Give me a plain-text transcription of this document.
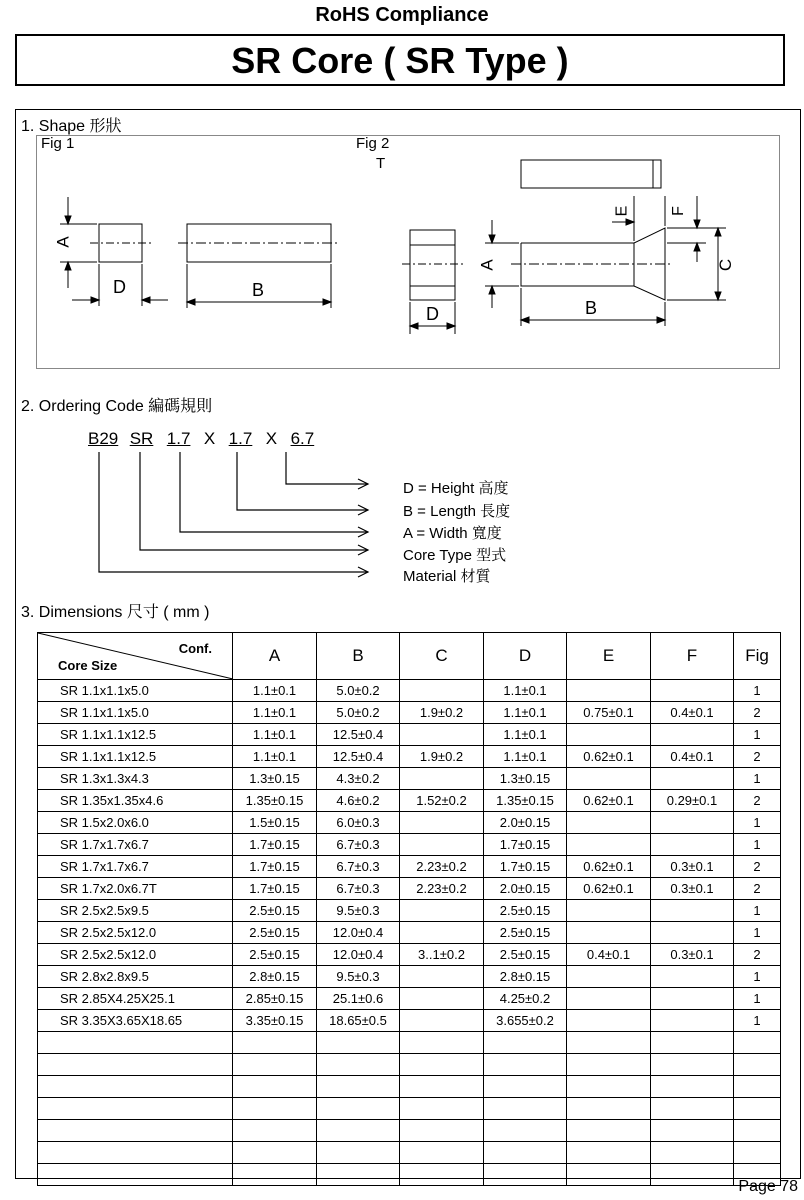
RoHS Compliance
SR Core ( SR Type )
1. Shape 形狀
Fig 1	Fig 2
T
A
D	B
A
D	B
C
E F
2. Ordering Code 編碼規則
B29 SR 1.7 X 1.7 X 6.7
D = Height 高度
B = Length 長度
A = Width 寬度
Core Type 型式
Material 材質
3. Dimensions 尺寸 ( mm )
Conf.
Core Size	A	B	C	D	E	F	Fig
SR 1.1x1.1x5.0	1.1±0.1	5.0±0.2		1.1±0.1			1
SR 1.1x1.1x5.0	1.1±0.1	5.0±0.2	1.9±0.2	1.1±0.1	0.75±0.1	0.4±0.1	2
SR 1.1x1.1x12.5	1.1±0.1	12.5±0.4		1.1±0.1			1
SR 1.1x1.1x12.5	1.1±0.1	12.5±0.4	1.9±0.2	1.1±0.1	0.62±0.1	0.4±0.1	2
SR 1.3x1.3x4.3	1.3±0.15	4.3±0.2		1.3±0.15			1
SR 1.35x1.35x4.6	1.35±0.15	4.6±0.2	1.52±0.2	1.35±0.15	0.62±0.1	0.29±0.1	2
SR 1.5x2.0x6.0	1.5±0.15	6.0±0.3		2.0±0.15			1
SR 1.7x1.7x6.7	1.7±0.15	6.7±0.3		1.7±0.15			1
SR 1.7x1.7x6.7	1.7±0.15	6.7±0.3	2.23±0.2	1.7±0.15	0.62±0.1	0.3±0.1	2
SR 1.7x2.0x6.7T	1.7±0.15	6.7±0.3	2.23±0.2	2.0±0.15	0.62±0.1	0.3±0.1	2
SR 2.5x2.5x9.5	2.5±0.15	9.5±0.3		2.5±0.15			1
SR 2.5x2.5x12.0	2.5±0.15	12.0±0.4		2.5±0.15			1
SR 2.5x2.5x12.0	2.5±0.15	12.0±0.4	3..1±0.2	2.5±0.15	0.4±0.1	0.3±0.1	2
SR 2.8x2.8x9.5	2.8±0.15	9.5±0.3		2.8±0.15			1
SR 2.85X4.25X25.1	2.85±0.15	25.1±0.6		4.25±0.2			1
SR 3.35X3.65X18.65	3.35±0.15	18.65±0.5		3.655±0.2			1

Page 78
